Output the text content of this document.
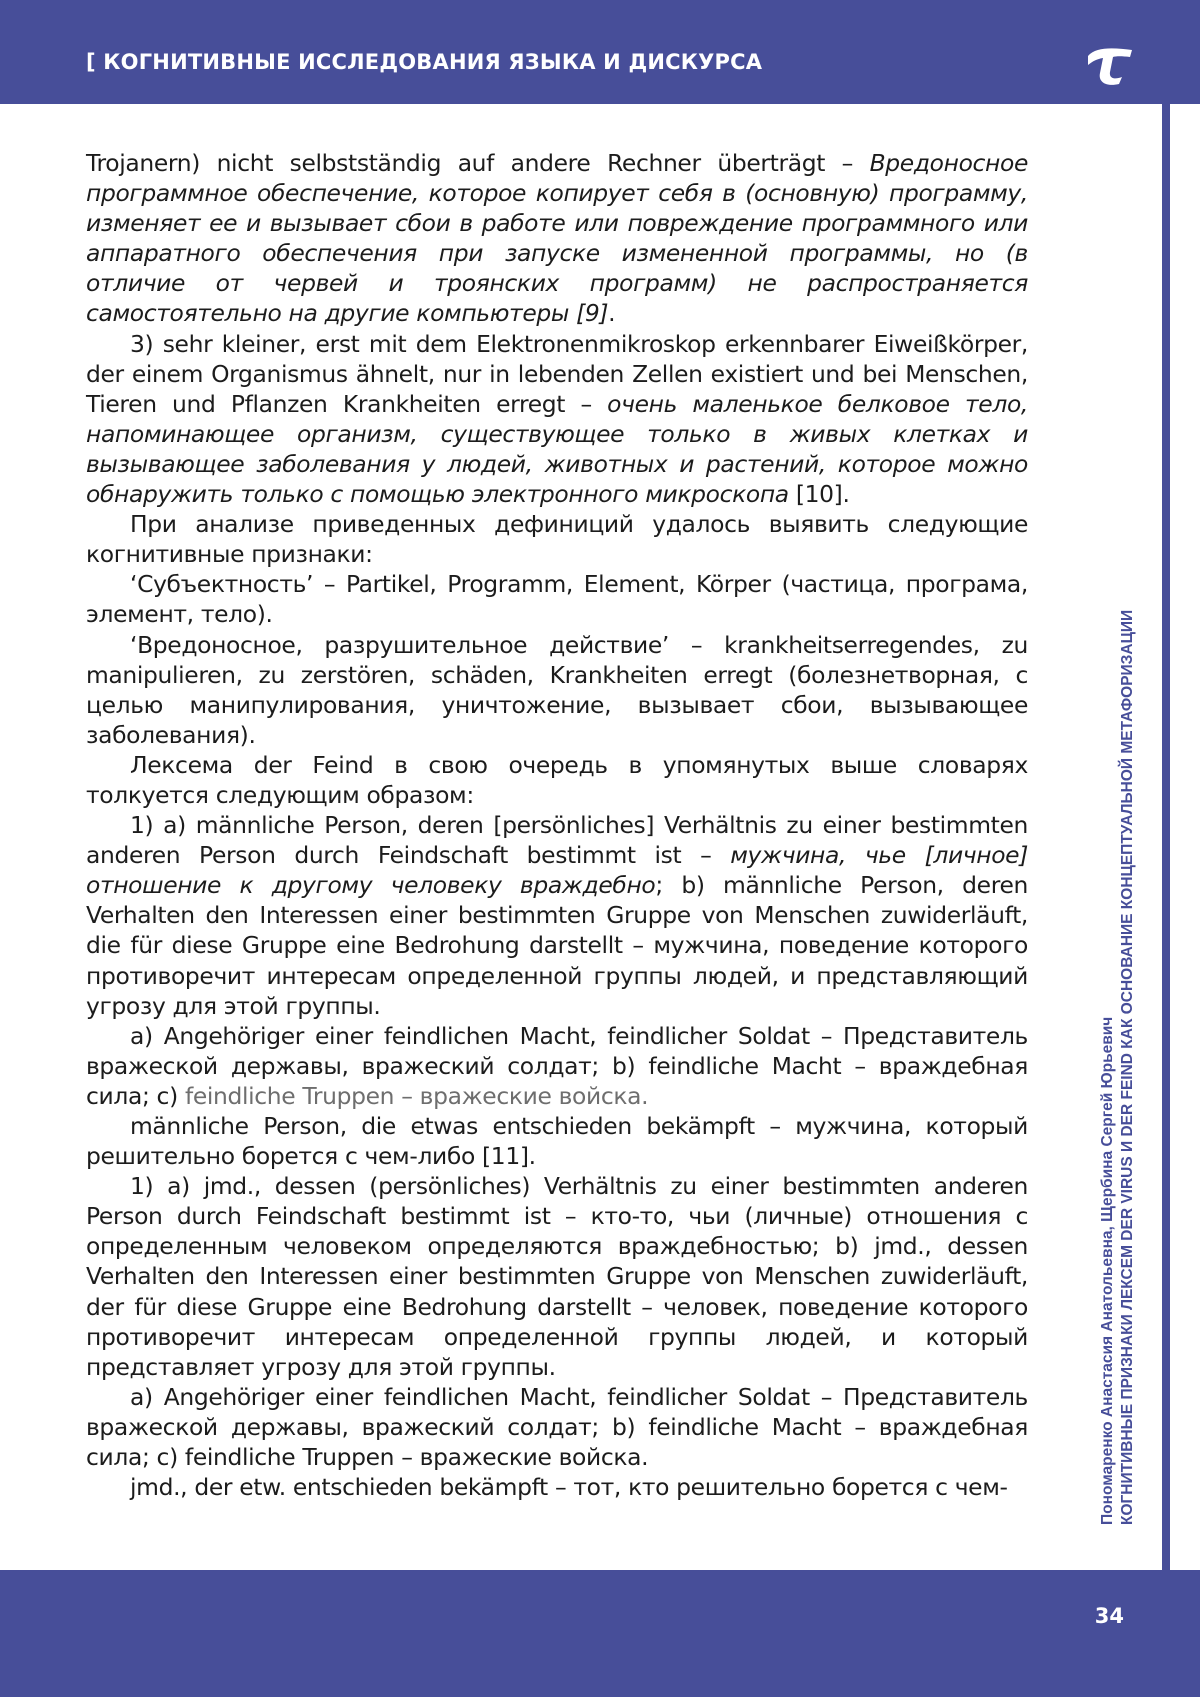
[ КОГНИТИВНЫЕ ИССЛЕДОВАНИЯ ЯЗЫКА И ДИСКУРСА
Пономаренко Анастасия Анатольевна, Щербина Сергей Юрьевич КОГНИТИВНЫЕ ПРИЗНАКИ ЛЕКСЕМ DER VIRUS И DER FEIND КАК ОСНОВАНИЕ КОНЦЕПТУАЛЬНОЙ МЕТАФОРИЗАЦИИ

Trojanern) nicht selbstständig auf andere Rechner überträgt – Вредоносное программное обеспечение, которое копирует себя в (основную) программу, изменяет ее и вызывает сбои в работе или повреждение программного или аппаратного обеспечения при запуске измененной программы, но (в отличие от червей и троянских программ) не распространяется самостоятельно на другие компьютеры [9].

3) sehr kleiner, erst mit dem Elektronenmikroskop erkennbarer Eiweißkörper, der einem Organismus ähnelt, nur in lebenden Zellen existiert und bei Menschen, Tieren und Pflanzen Krankheiten erregt – очень маленькое белковое тело, напоминающее организм, существующее только в живых клетках и вызывающее заболевания у людей, животных и растений, которое можно обнаружить только с помощью электронного микроскопа [10].

При анализе приведенных дефиниций удалось выявить следующие когнитивные признаки:

‘Субъектность’ – Partikel, Programm, Element, Körper (частица, програма, элемент, тело).

‘Вредоносное, разрушительное действие’ – krankheitserregendes, zu manipulieren, zu zerstören, schäden, Krankheiten erregt (болезнетворная, с целью манипулирования, уничтожение, вызывает сбои, вызывающее заболевания).

Лексема der Feind в свою очередь в упомянутых выше словарях толкуется следующим образом:

1) a) männliche Person, deren [persönliches] Verhältnis zu einer bestimmten anderen Person durch Feindschaft bestimmt ist – мужчина, чье [личное] отношение к другому человеку враждебно; b) männliche Person, deren Verhalten den Interessen einer bestimmten Gruppe von Menschen zuwiderläuft, die für diese Gruppe eine Bedrohung darstellt – мужчина, поведение которого противоречит интересам определенной группы людей, и представляющий угрозу для этой группы.

a) Angehöriger einer feindlichen Macht, feindlicher Soldat – Представитель вражеской державы, вражеский солдат; b) feindliche Macht – враждебная сила; c) feindliche Truppen – вражеские войска.

männliche Person, die etwas entschieden bekämpft – мужчина, который решительно борется с чем-либо [11].

1) a) jmd., dessen (persönliches) Verhältnis zu einer bestimmten anderen Person durch Feindschaft bestimmt ist – кто-то, чьи (личные) отношения с определенным человеком определяются враждебностью; b) jmd., dessen Verhalten den Interessen einer bestimmten Gruppe von Menschen zuwiderläuft, der für diese Gruppe eine Bedrohung darstellt – человек, поведение которого противоречит интересам определенной группы людей, и который представляет угрозу для этой группы.

a) Angehöriger einer feindlichen Macht, feindlicher Soldat – Представитель вражеской державы, вражеский солдат; b) feindliche Macht – враждебная сила; c) feindliche Truppen – вражеские войска.

jmd., der etw. entschieden bekämpft – тот, кто решительно борется с чем-

34
